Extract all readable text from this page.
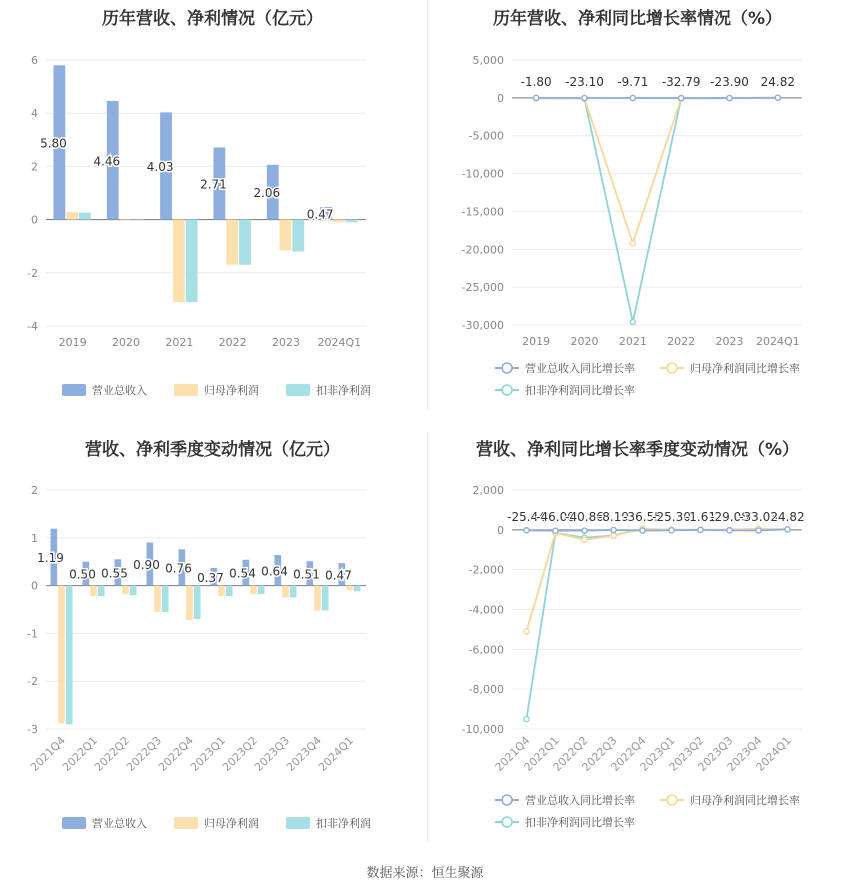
历年营收、净利情况（亿元）
6
4
2
0
-2
-4
2019 2020 2021 2022 2023 2024Q1
5.80
4.46 4.03
2.71
2.06
0.47
营业总收入	归母净利润	扣非净利润
历年营收、净利同比增长率情况（%）
5,000
0
-5,000
-10,000
-15,000
-20,000
-25,000
-30,000
2019 2020 2021 2022 2023 2024Q1
-1.80 -23.10 -9.71 -32.79 -23.90 24.82
营业总收入同比增长率	归母净利润同比增长率
扣非净利润同比增长率
营收、净利季度变动情况（亿元）
2
1
0
-1
-2
-3
2021Q4
2022Q1
2022Q2
2022Q3
2022Q4
2023Q1
2023Q2
2023Q3
2023Q4
2024Q1
1.19
0.50 0.55
0.90 0.76
0.37 0.54 0.64 0.51 0.47
营业总收入	归母净利润	扣非净利润
营收、净利同比增长率季度变动情况（%）
2,000
0
-2,000
-4,000
-6,000
-8,000
-10,000
2021Q4
2022Q1
2022Q2
2022Q3
2022Q4
2023Q1
2023Q2
2023Q3
2023Q4
2024Q1
-25.44
-46.00
-40.86
-8.19
-36.55
-25.30
-1.61
-29.08
-33.03
24.82
营业总收入同比增长率	归母净利润同比增长率
扣非净利润同比增长率
数据来源：恒生聚源
